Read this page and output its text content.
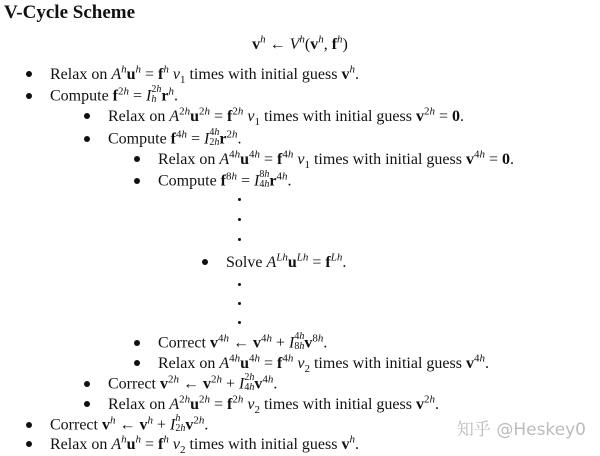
V-Cycle Scheme
$v^h$ ← $V^h(v^h$, $f^h$)
Relax on $A^hu^h = f^h$ $\nu_1$ times with initial guess $v^h$.
Compute $f^{2h} = I$ 2h
h $r^h$.
Relax on $A^{2h}u^{2h} = f^{2h}$ $\nu_1$ times with initial guess $v^{2h} = 0$.
Compute $f^{4h} = I$ 4h
2h $r^{2h}$.
Relax on $A^{4h}u^{4h} = f^{4h}$ $\nu_1$ times with initial guess $v^{4h} = 0$.
Compute $f^{8h} = I$ 8h
4h $r^{4h}$.
Solve $A^{Lh}u^{Lh} = f^{Lh}$.
Correct $v^{4h}$ ← $v^{4h} + I$ 4h
8h $v^{8h}$.
Relax on $A^{4h}u^{4h} = f^{4h}$ $\nu_2$ times with initial guess $v^{4h}$.
Correct $v^{2h}$ ← $v^{2h} + I$ 2h
4h $v^{4h}$.
Relax on $A^{2h}u^{2h} = f^{2h}$ $\nu_2$ times with initial guess $v^{2h}$.
Correct $v^h$ ← $v^h + I$ h
2h $v^{2h}$.
Relax on $A^hu^h = f^h$ $\nu_2$ times with initial guess $v^h$.
知乎 @Heskey0
